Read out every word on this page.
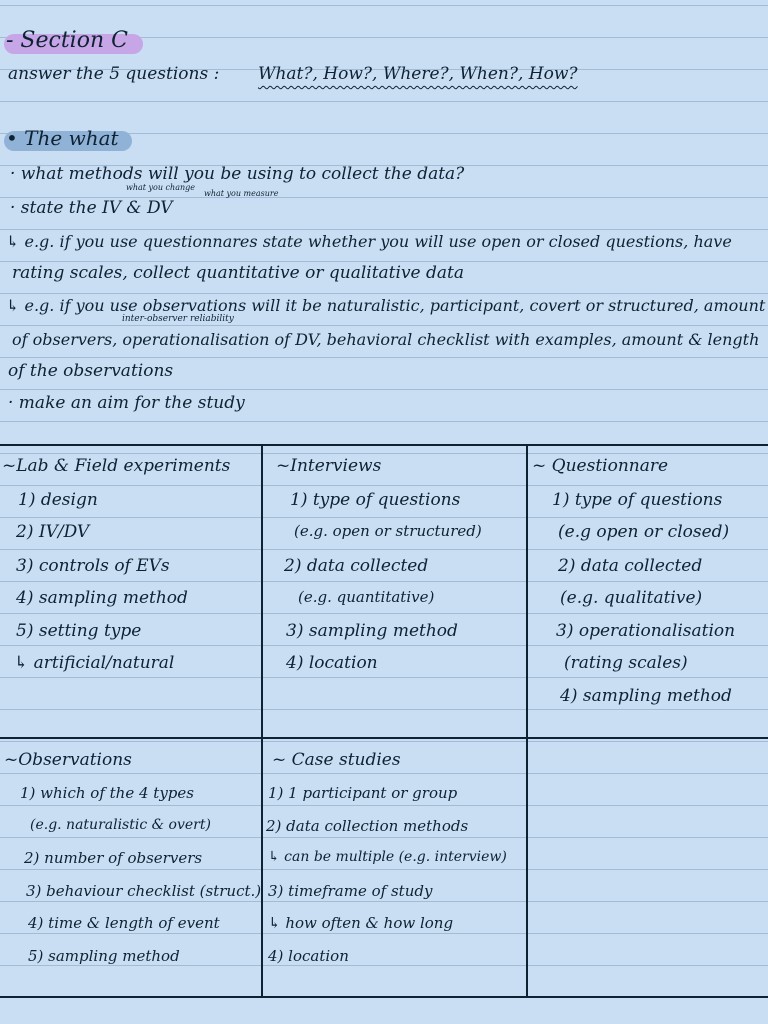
- Section C
answer the 5 questions : What?, How?, Where?, When?, How?
• The what
· what methods will you be using to collect the data?
what you change
what you measure
· state the IV & DV
↳ e.g. if you use questionnares state whether you will use open or closed questions, have
rating scales, collect quantitative or qualitative data
↳ e.g. if you use observations will it be naturalistic, participant, covert or structured, amount
inter-observer reliability
of observers, operationalisation of DV, behavioral checklist with examples, amount & length
of the observations
· make an aim for the study
~Lab & Field experiments
1) design
2) IV/DV
3) controls of EVs
4) sampling method
5) setting type
↳ artificial/natural
~Interviews
1) type of questions
(e.g. open or structured)
2) data collected
(e.g. quantitative)
3) sampling method
4) location
~ Questionnare
1) type of questions
(e.g open or closed)
2) data collected
(e.g. qualitative)
3) operationalisation
(rating scales)
4) sampling method
~Observations
1) which of the 4 types
(e.g. naturalistic & overt)
2) number of observers
3) behaviour checklist (struct.)
4) time & length of event
5) sampling method
~ Case studies
1) 1 participant or group
2) data collection methods
↳ can be multiple (e.g. interview)
3) timeframe of study
↳ how often & how long
4) location
